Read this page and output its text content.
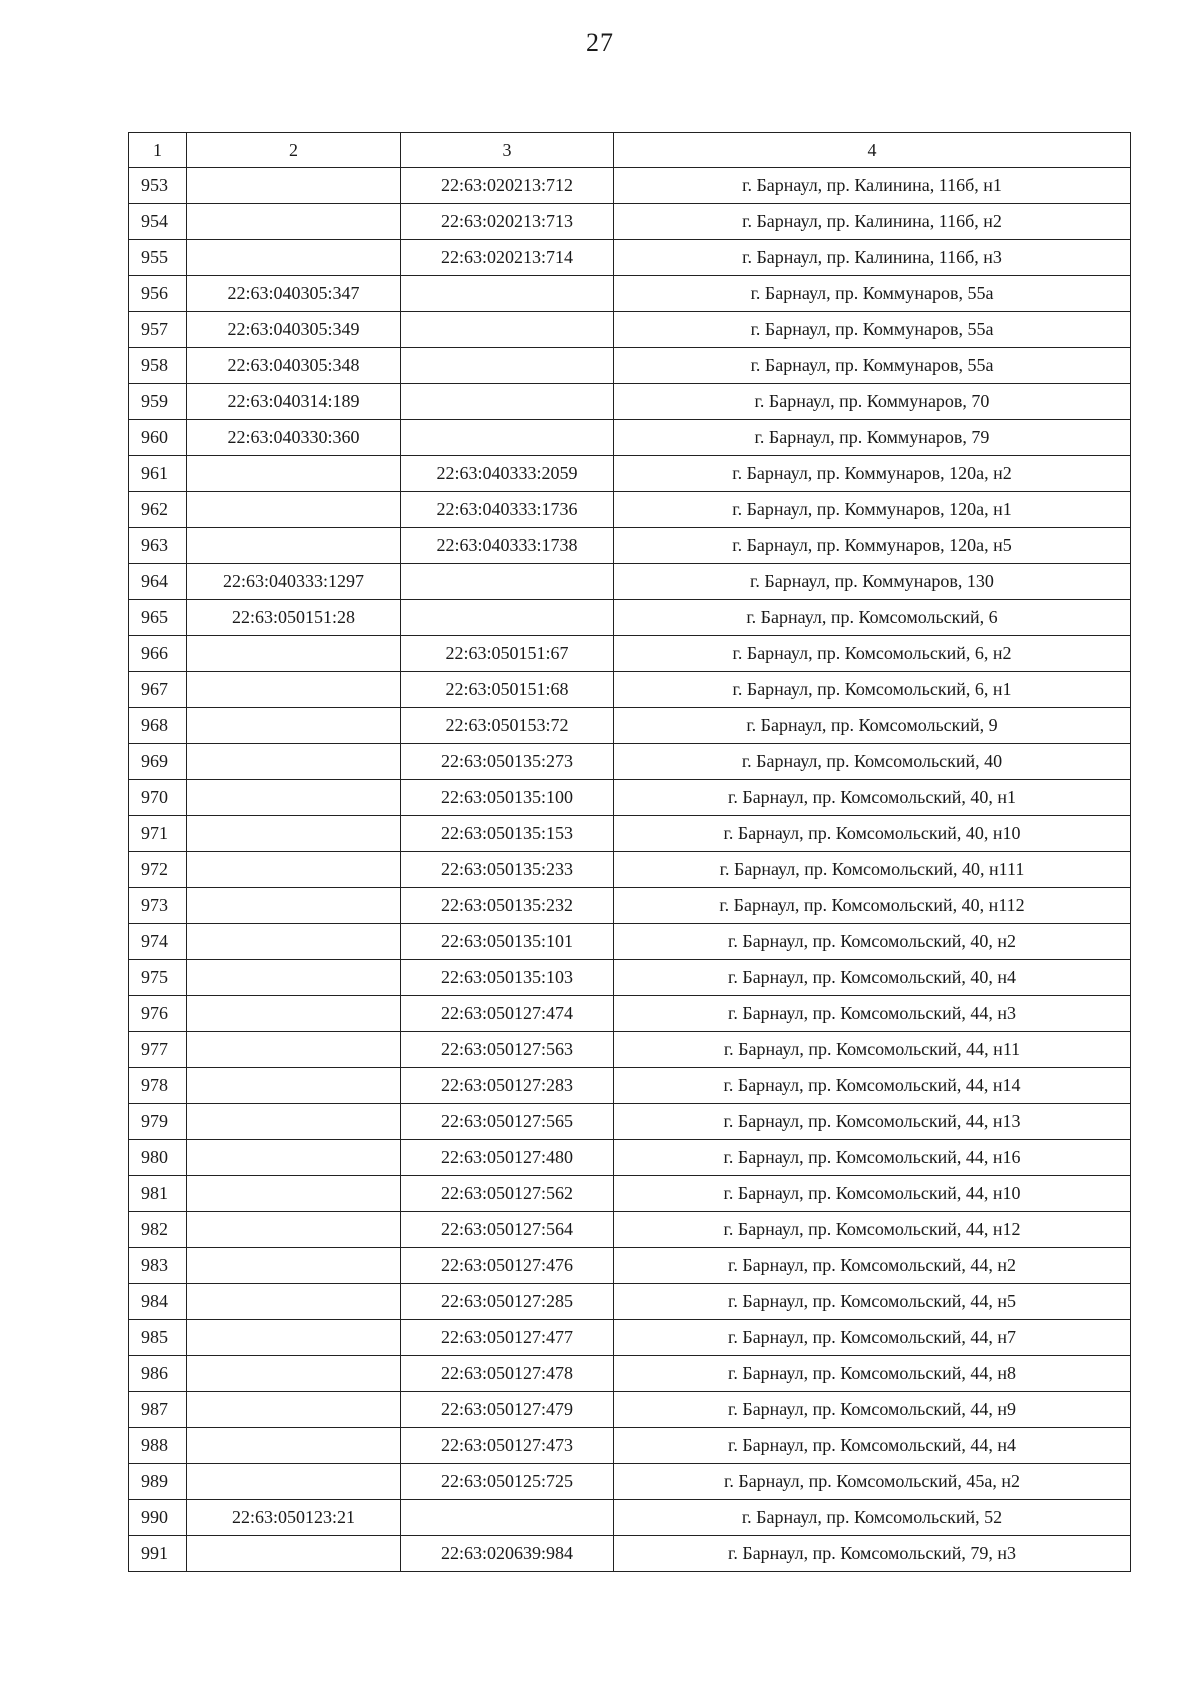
27
1	2	3	4
953		22:63:020213:712	г. Барнаул, пр. Калинина, 116б, н1
954		22:63:020213:713	г. Барнаул, пр. Калинина, 116б, н2
955		22:63:020213:714	г. Барнаул, пр. Калинина, 116б, н3
956	22:63:040305:347		г. Барнаул, пр. Коммунаров, 55а
957	22:63:040305:349		г. Барнаул, пр. Коммунаров, 55а
958	22:63:040305:348		г. Барнаул, пр. Коммунаров, 55а
959	22:63:040314:189		г. Барнаул, пр. Коммунаров, 70
960	22:63:040330:360		г. Барнаул, пр. Коммунаров, 79
961		22:63:040333:2059	г. Барнаул, пр. Коммунаров, 120а, н2
962		22:63:040333:1736	г. Барнаул, пр. Коммунаров, 120а, н1
963		22:63:040333:1738	г. Барнаул, пр. Коммунаров, 120а, н5
964	22:63:040333:1297		г. Барнаул, пр. Коммунаров, 130
965	22:63:050151:28		г. Барнаул, пр. Комсомольский, 6
966		22:63:050151:67	г. Барнаул, пр. Комсомольский, 6, н2
967		22:63:050151:68	г. Барнаул, пр. Комсомольский, 6, н1
968		22:63:050153:72	г. Барнаул, пр. Комсомольский, 9
969		22:63:050135:273	г. Барнаул, пр. Комсомольский, 40
970		22:63:050135:100	г. Барнаул, пр. Комсомольский, 40, н1
971		22:63:050135:153	г. Барнаул, пр. Комсомольский, 40, н10
972		22:63:050135:233	г. Барнаул, пр. Комсомольский, 40, н111
973		22:63:050135:232	г. Барнаул, пр. Комсомольский, 40, н112
974		22:63:050135:101	г. Барнаул, пр. Комсомольский, 40, н2
975		22:63:050135:103	г. Барнаул, пр. Комсомольский, 40, н4
976		22:63:050127:474	г. Барнаул, пр. Комсомольский, 44, н3
977		22:63:050127:563	г. Барнаул, пр. Комсомольский, 44, н11
978		22:63:050127:283	г. Барнаул, пр. Комсомольский, 44, н14
979		22:63:050127:565	г. Барнаул, пр. Комсомольский, 44, н13
980		22:63:050127:480	г. Барнаул, пр. Комсомольский, 44, н16
981		22:63:050127:562	г. Барнаул, пр. Комсомольский, 44, н10
982		22:63:050127:564	г. Барнаул, пр. Комсомольский, 44, н12
983		22:63:050127:476	г. Барнаул, пр. Комсомольский, 44, н2
984		22:63:050127:285	г. Барнаул, пр. Комсомольский, 44, н5
985		22:63:050127:477	г. Барнаул, пр. Комсомольский, 44, н7
986		22:63:050127:478	г. Барнаул, пр. Комсомольский, 44, н8
987		22:63:050127:479	г. Барнаул, пр. Комсомольский, 44, н9
988		22:63:050127:473	г. Барнаул, пр. Комсомольский, 44, н4
989		22:63:050125:725	г. Барнаул, пр. Комсомольский, 45а, н2
990	22:63:050123:21		г. Барнаул, пр. Комсомольский, 52
991		22:63:020639:984	г. Барнаул, пр. Комсомольский, 79, н3
